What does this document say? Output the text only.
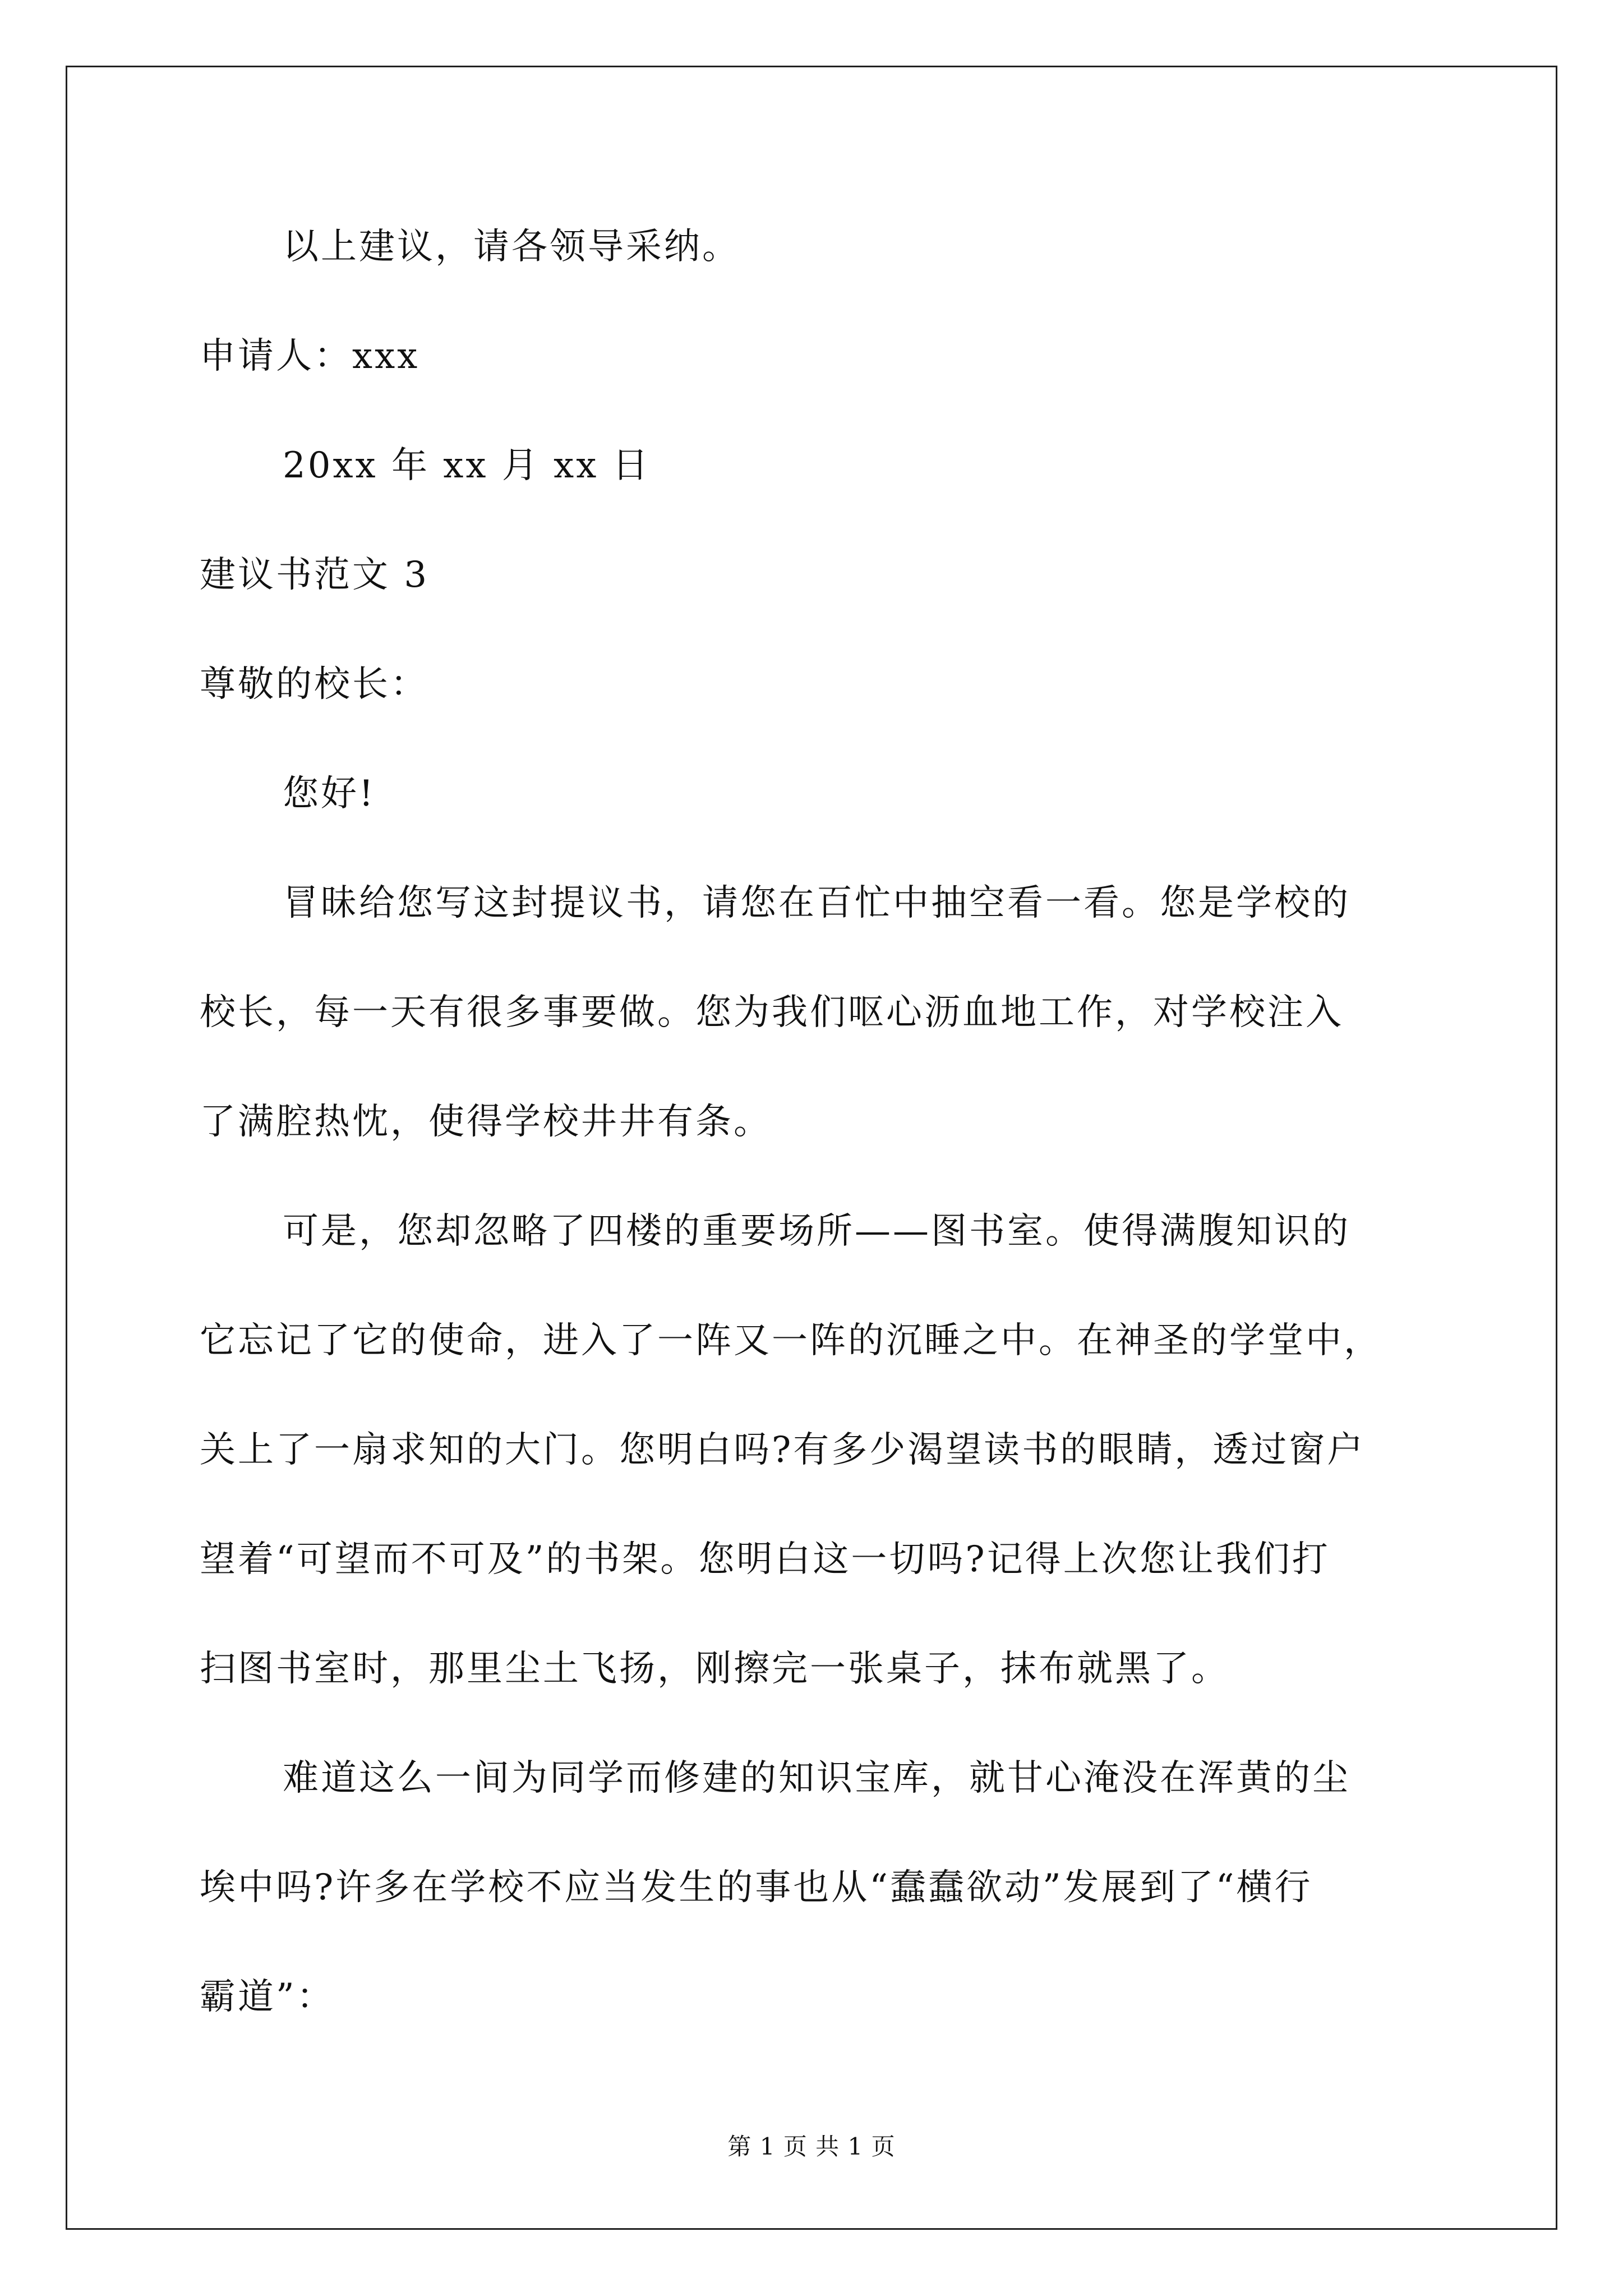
以上建议，请各领导采纳。
申请人：xxx
20xx 年 xx 月 xx 日
建议书范文 3
尊敬的校长：
您好!
冒昧给您写这封提议书，请您在百忙中抽空看一看。您是学校的
校长，每一天有很多事要做。您为我们呕心沥血地工作，对学校注入
了满腔热忱，使得学校井井有条。
可是，您却忽略了四楼的重要场所——图书室。使得满腹知识的
它忘记了它的使命，进入了一阵又一阵的沉睡之中。在神圣的学堂中，
关上了一扇求知的大门。您明白吗?有多少渴望读书的眼睛，透过窗户
望着“可望而不可及”的书架。您明白这一切吗?记得上次您让我们打
扫图书室时，那里尘土飞扬，刚擦完一张桌子，抹布就黑了。
难道这么一间为同学而修建的知识宝库，就甘心淹没在浑黄的尘
埃中吗?许多在学校不应当发生的事也从“蠢蠢欲动”发展到了“横行
霸道”：
第 1 页 共 1 页
